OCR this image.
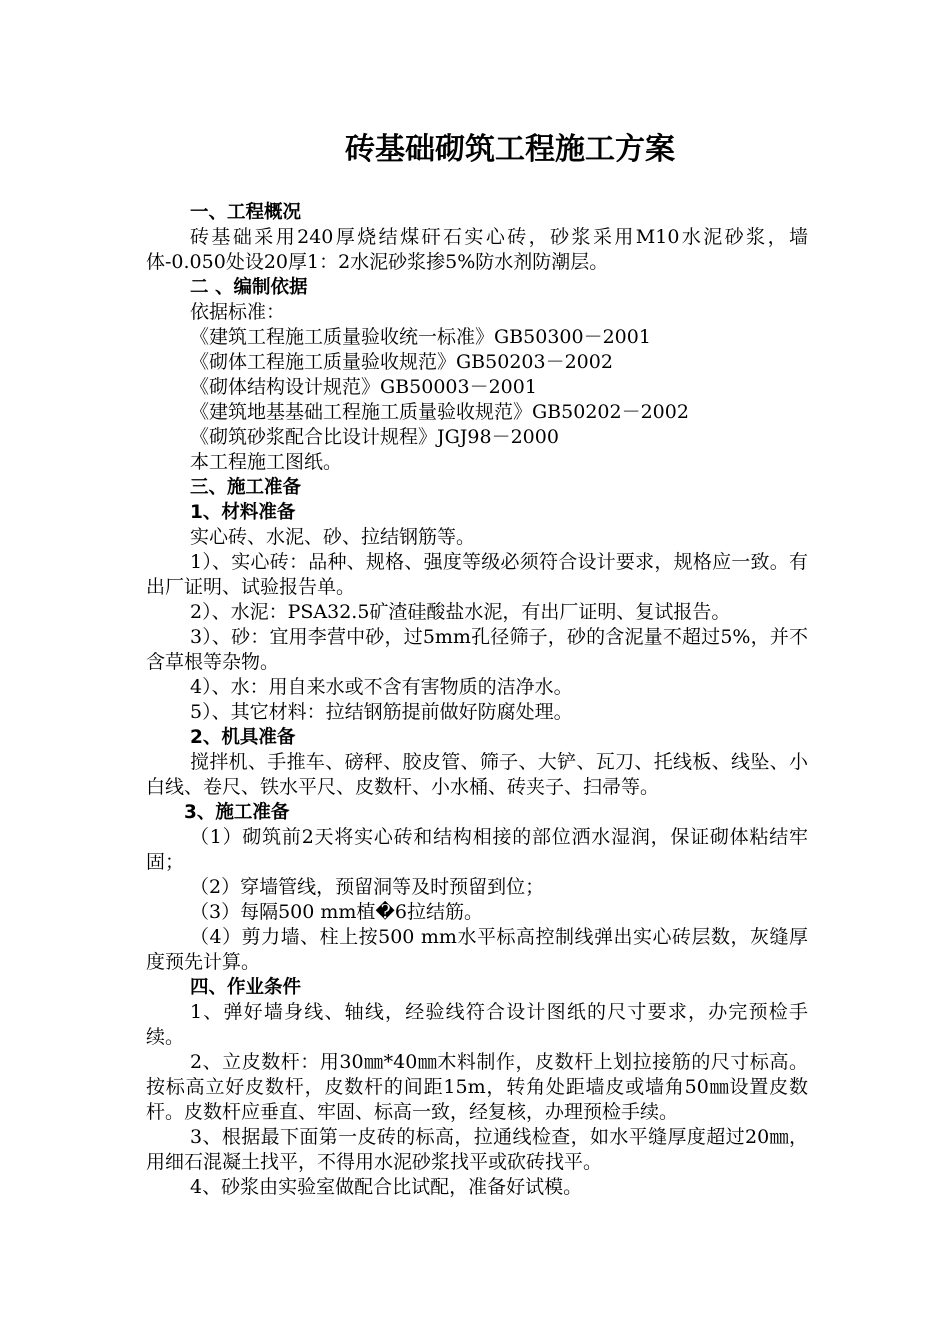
砖基础砌筑工程施工方案

一、工程概况

砖基础采用240厚烧结煤矸石实心砖，砂浆采用M10水泥砂浆，墙体-0.050处设20厚1：2水泥砂浆掺5%防水剂防潮层。

二 、编制依据

依据标准：

《建筑工程施工质量验收统一标准》GB50300－2001

《砌体工程施工质量验收规范》GB50203－2002

《砌体结构设计规范》GB50003－2001

《建筑地基基础工程施工质量验收规范》GB50202－2002

《砌筑砂浆配合比设计规程》JGJ98－2000

本工程施工图纸。

三、施工准备

1、材料准备

实心砖、水泥、砂、拉结钢筋等。

1）、实心砖：品种、规格、强度等级必须符合设计要求，规格应一致。有出厂证明、试验报告单。

2）、水泥：PSA32.5矿渣硅酸盐水泥，有出厂证明、复试报告。

3）、砂：宜用李营中砂，过5mm孔径筛子，砂的含泥量不超过5%，并不含草根等杂物。

4）、水：用自来水或不含有害物质的洁净水。

5）、其它材料：拉结钢筋提前做好防腐处理。

2、机具准备

搅拌机、手推车、磅秤、胶皮管、筛子、大铲、瓦刀、托线板、线坠、小白线、卷尺、铁水平尺、皮数杆、小水桶、砖夹子、扫帚等。

3、施工准备

（1）砌筑前2天将实心砖和结构相接的部位洒水湿润，保证砌体粘结牢固；

（2）穿墙管线，预留洞等及时预留到位；

（3）每隔500 mm植�6拉结筋。

（4）剪力墙、柱上按500 mm水平标高控制线弹出实心砖层数，灰缝厚度预先计算。

四、作业条件

1、弹好墙身线、轴线，经验线符合设计图纸的尺寸要求，办完预检手续。

2、立皮数杆：用30㎜*40㎜木料制作，皮数杆上划拉接筋的尺寸标高。按标高立好皮数杆，皮数杆的间距15m，转角处距墙皮或墙角50㎜设置皮数杆。皮数杆应垂直、牢固、标高一致，经复核，办理预检手续。

3、根据最下面第一皮砖的标高，拉通线检查，如水平缝厚度超过20㎜，用细石混凝土找平，不得用水泥砂浆找平或砍砖找平。

4、砂浆由实验室做配合比试配，准备好试模。
